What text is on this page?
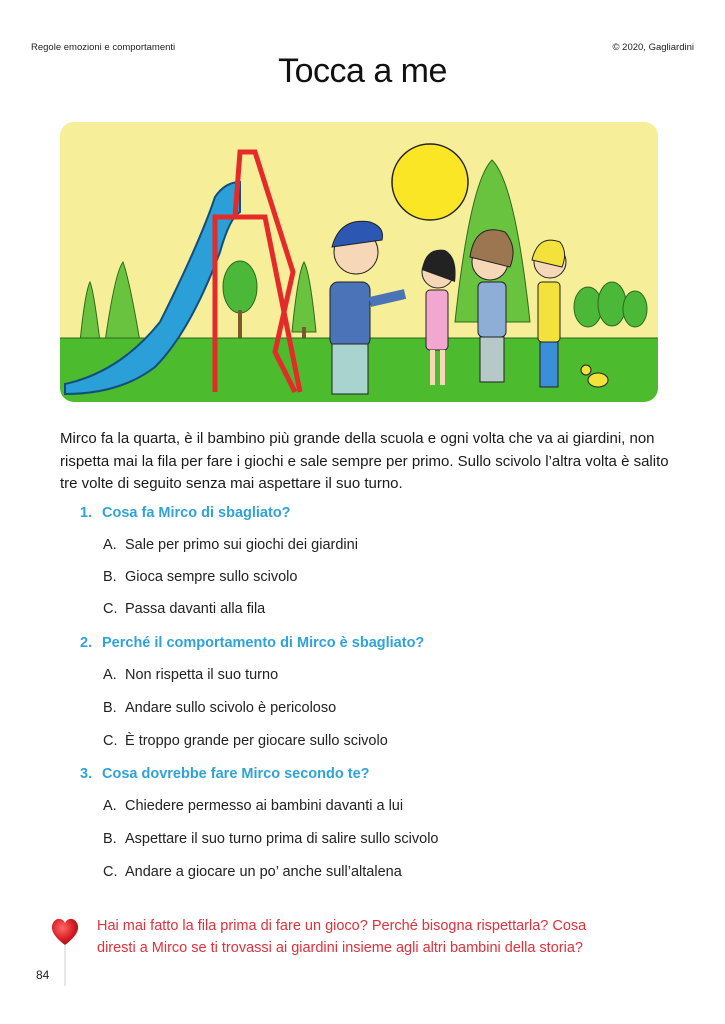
Regole emozioni e comportamenti	© 2020, Gagliardini
Tocca a me
Mirco fa la quarta, è il bambino più grande della scuola e ogni volta che va ai giardini, non rispetta mai la fila per fare i giochi e sale sempre per primo. Sullo scivolo l’altra volta è salito tre volte di seguito senza mai aspettare il suo turno.
1. Cosa fa Mirco di sbagliato?
A. Sale per primo sui giochi dei giardini
B. Gioca sempre sullo scivolo
C. Passa davanti alla fila
2. Perché il comportamento di Mirco è sbagliato?
A. Non rispetta il suo turno
B. Andare sullo scivolo è pericoloso
C. È troppo grande per giocare sullo scivolo
3. Cosa dovrebbe fare Mirco secondo te?
A. Chiedere permesso ai bambini davanti a lui
B. Aspettare il suo turno prima di salire sullo scivolo
C. Andare a giocare un po’ anche sull’altalena
Hai mai fatto la fila prima di fare un gioco? Perché bisogna rispettarla? Cosa
diresti a Mirco se ti trovassi ai giardini insieme agli altri bambini della storia?
84
